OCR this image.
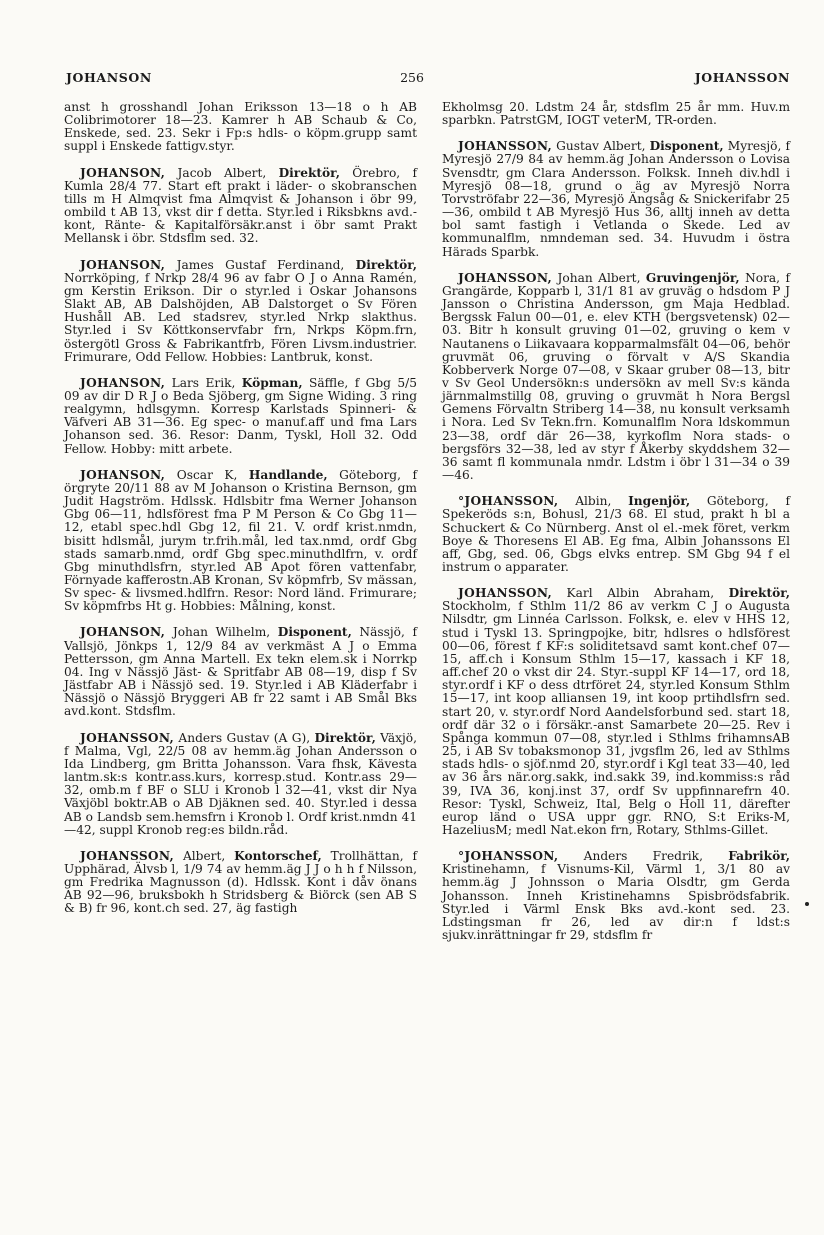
JOHANSON	256	JOHANSSON

anst h grosshandl Johan Eriksson 13—18 o h AB Colibrimotorer 18—23. Kamrer h AB Schaub & Co, Enskede, sed. 23. Sekr i Fp:s hdls- o köpm.grupp samt suppl i Enskede fattigv.styr.

JOHANSON, Jacob Albert, Direktör, Örebro, f Kumla 28/4 77. Start eft prakt i läder- o skobranschen tills m H Almqvist fma Almqvist & Johanson i öbr 99, ombild t AB 13, vkst dir f detta. Styr.led i Riksbkns avd.-kont, Ränte- & Kapitalförsäkr.anst i öbr samt Prakt Mellansk i öbr. Stdsflm sed. 32.

JOHANSON, James Gustaf Ferdinand, Direktör, Norrköping, f Nrkp 28/4 96 av fabr O J o Anna Ramén, gm Kerstin Erikson. Dir o styr.led i Oskar Johansons Slakt AB, AB Dalshöjden, AB Dalstorget o Sv Fören Hushåll AB. Led stadsrev, styr.led Nrkp slakthus. Styr.led i Sv Köttkonservfabr frn, Nrkps Köpm.frn, östergötl Gross & Fabrikantfrb, Fören Livsm.industrier. Frimurare, Odd Fellow. Hobbies: Lantbruk, konst.

JOHANSON, Lars Erik, Köpman, Säffle, f Gbg 5/5 09 av dir D R J o Beda Sjöberg, gm Signe Widing. 3 ring realgymn, hdlsgymn. Korresp Karlstads Spinneri- & Väfveri AB 31—36. Eg spec- o manuf.aff und fma Lars Johanson sed. 36. Resor: Danm, Tyskl, Holl 32. Odd Fellow. Hobby: mitt arbete.

JOHANSON, Oscar K, Handlande, Göteborg, f örgryte 20/11 88 av M Johanson o Kristina Bernson, gm Judit Hagström. Hdlssk. Hdlsbitr fma Werner Johanson Gbg 06—11, hdlsförest fma P M Person & Co Gbg 11—12, etabl spec.hdl Gbg 12, fil 21. V. ordf krist.nmdn, bisitt hdlsmål, jurym tr.frih.mål, led tax.nmd, ordf Gbg stads samarb.nmd, ordf Gbg spec.minuthdlfrn, v. ordf Gbg minuthdlsfrn, styr.led AB Apot fören vattenfabr, Förnyade kafferostn.AB Kronan, Sv köpmfrb, Sv mässan, Sv spec- & livsmed.hdlfrn. Resor: Nord länd. Frimurare; Sv köpmfrbs Ht g. Hobbies: Målning, konst.

JOHANSON, Johan Wilhelm, Disponent, Nässjö, f Vallsjö, Jönkps 1, 12/9 84 av verkmäst A J o Emma Pettersson, gm Anna Martell. Ex tekn elem.sk i Norrkp 04. Ing v Nässjö Jäst- & Spritfabr AB 08—19, disp f Sv Jästfabr AB i Nässjö sed. 19. Styr.led i AB Kläderfabr i Nässjö o Nässjö Bryggeri AB fr 22 samt i AB Smål Bks avd.kont. Stdsflm.

JOHANSSON, Anders Gustav (A G), Direktör, Växjö, f Malma, Vgl, 22/5 08 av hemm.äg Johan Andersson o Ida Lindberg, gm Britta Johansson. Vara fhsk, Kävesta lantm.sk:s kontr.ass.kurs, korresp.stud. Kontr.ass 29—32, omb.m f BF o SLU i Kronob l 32—41, vkst dir Nya Växjöbl boktr.AB o AB Djäknen sed. 40. Styr.led i dessa AB o Landsb sem.hemsfrn i Kronob l. Ordf krist.nmdn 41—42, suppl Kronob reg:es bildn.råd.

JOHANSSON, Albert, Kontorschef, Trollhättan, f Upphärad, Älvsb l, 1/9 74 av hemm.äg J J o h h f Nilsson, gm Fredrika Magnusson (d). Hdlssk. Kont i dåv önans AB 92—96, bruksbokh h Stridsberg & Biörck (sen AB S & B) fr 96, kont.ch sed. 27, äg fastigh

Ekholmsg 20. Ldstm 24 år, stdsflm 25 år mm. Huv.m sparbkn. PatrstGM, IOGT veterM, TR-orden.

JOHANSSON, Gustav Albert, Disponent, Myresjö, f Myresjö 27/9 84 av hemm.äg Johan Andersson o Lovisa Svensdtr, gm Clara Andersson. Folksk. Inneh div.hdl i Myresjö 08—18, grund o äg av Myresjö Norra Torvströfabr 22—36, Myresjö Ängsåg & Snickerifabr 25—36, ombild t AB Myresjö Hus 36, alltj inneh av detta bol samt fastigh i Vetlanda o Skede. Led av kommunalflm, nmndeman sed. 34. Huvudm i östra Härads Sparbk.

JOHANSSON, Johan Albert, Gruvingenjör, Nora, f Grangärde, Kopparb l, 31/1 81 av gruväg o hdsdom P J Jansson o Christina Andersson, gm Maja Hedblad. Bergssk Falun 00—01, e. elev KTH (bergsvetensk) 02—03. Bitr h konsult gruving 01—02, gruving o kem v Nautanens o Liikavaara kopparmalmsfält 04—06, behör gruvmät 06, gruving o förvalt v A/S Skandia Kobberverk Norge 07—08, v Skaar gruber 08—13, bitr v Sv Geol Undersökn:s undersökn av mell Sv:s kända järnmalmstillg 08, gruving o gruvmät h Nora Bergsl Gemens Förvaltn Striberg 14—38, nu konsult verksamh i Nora. Led Sv Tekn.frn. Komunalflm Nora ldskommun 23—38, ordf där 26—38, kyrkoflm Nora stads- o bergsförs 32—38, led av styr f Åkerby skyddshem 32—36 samt fl kommunala nmdr. Ldstm i öbr l 31—34 o 39—46.

°JOHANSSON, Albin, Ingenjör, Göteborg, f Spekeröds s:n, Bohusl, 21/3 68. El stud, prakt h bl a Schuckert & Co Nürnberg. Anst ol el.-mek föret, verkm Boye & Thoresens El AB. Eg fma, Albin Johanssons El aff, Gbg, sed. 06, Gbgs elvks entrep. SM Gbg 94 f el instrum o apparater.

JOHANSSON, Karl Albin Abraham, Direktör, Stockholm, f Sthlm 11/2 86 av verkm C J o Augusta Nilsdtr, gm Linnéa Carlsson. Folksk, e. elev v HHS 12, stud i Tyskl 13. Springpojke, bitr, hdlsres o hdlsförest 00—06, förest f KF:s soliditetsavd samt kont.chef 07—15, aff.ch i Konsum Sthlm 15—17, kassach i KF 18, aff.chef 20 o vkst dir 24. Styr.-suppl KF 14—17, ord 18, styr.ordf i KF o dess dtrföret 24, styr.led Konsum Sthlm 15—17, int koop alliansen 19, int koop prtihdlsfrn sed. start 20, v. styr.ordf Nord Aandelsforbund sed. start 18, ordf där 32 o i försäkr.-anst Samarbete 20—25. Rev i Spånga kommun 07—08, styr.led i Sthlms frihamnsAB 25, i AB Sv tobaksmonop 31, jvgsflm 26, led av Sthlms stads hdls- o sjöf.nmd 20, styr.ordf i Kgl teat 33—40, led av 36 års när.org.sakk, ind.sakk 39, ind.kommiss:s råd 39, IVA 36, konj.inst 37, ordf Sv uppfinnarefrn 40. Resor: Tyskl, Schweiz, Ital, Belg o Holl 11, därefter europ länd o USA uppr ggr. RNO, S:t Eriks-M, HazeliusM; medl Nat.ekon frn, Rotary, Sthlms-Gillet.

°JOHANSSON, Anders Fredrik, Fabrikör, Kristinehamn, f Visnums-Kil, Värml 1, 3/1 80 av hemm.äg J Johnsson o Maria Olsdtr, gm Gerda Johansson. Inneh Kristinehamns Spisbrödsfabrik. Styr.led i Värml Ensk Bks avd.-kont sed. 23. Ldstingsman fr 26, led av dir:n f ldst:s sjukv.inrättningar fr 29, stdsflm fr
